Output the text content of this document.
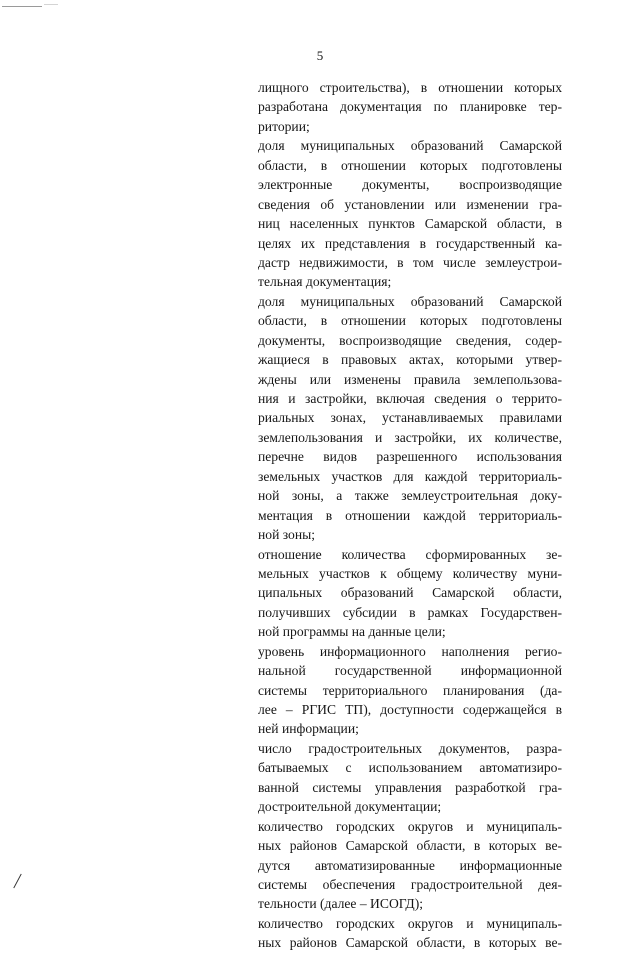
5

лищного строительства), в отношении которых
разработана документация по планировке тер-
ритории;

доля муниципальных образований Самарской
области, в отношении которых подготовлены
электронные документы, воспроизводящие
сведения об установлении или изменении гра-
ниц населенных пунктов Самарской области, в
целях их представления в государственный ка-
дастр недвижимости, в том числе землеустрои-
тельная документация;

доля муниципальных образований Самарской
области, в отношении которых подготовлены
документы, воспроизводящие сведения, содер-
жащиеся в правовых актах, которыми утвер-
ждены или изменены правила землепользова-
ния и застройки, включая сведения о террито-
риальных зонах, устанавливаемых правилами
землепользования и застройки, их количестве,
перечне видов разрешенного использования
земельных участков для каждой территориаль-
ной зоны, а также землеустроительная доку-
ментация в отношении каждой территориаль-
ной зоны;

отношение количества сформированных зе-
мельных участков к общему количеству муни-
ципальных образований Самарской области,
получивших субсидии в рамках Государствен-
ной программы на данные цели;

уровень информационного наполнения регио-
нальной государственной информационной
системы территориального планирования (да-
лее – РГИС ТП), доступности содержащейся в
ней информации;

число градостроительных документов, разра-
батываемых с использованием автоматизиро-
ванной системы управления разработкой гра-
достроительной документации;

количество городских округов и муниципаль-
ных районов Самарской области, в которых ве-
дутся автоматизированные информационные
системы обеспечения градостроительной дея-
тельности (далее – ИСОГД);

количество городских округов и муниципаль-
ных районов Самарской области, в которых ве-
